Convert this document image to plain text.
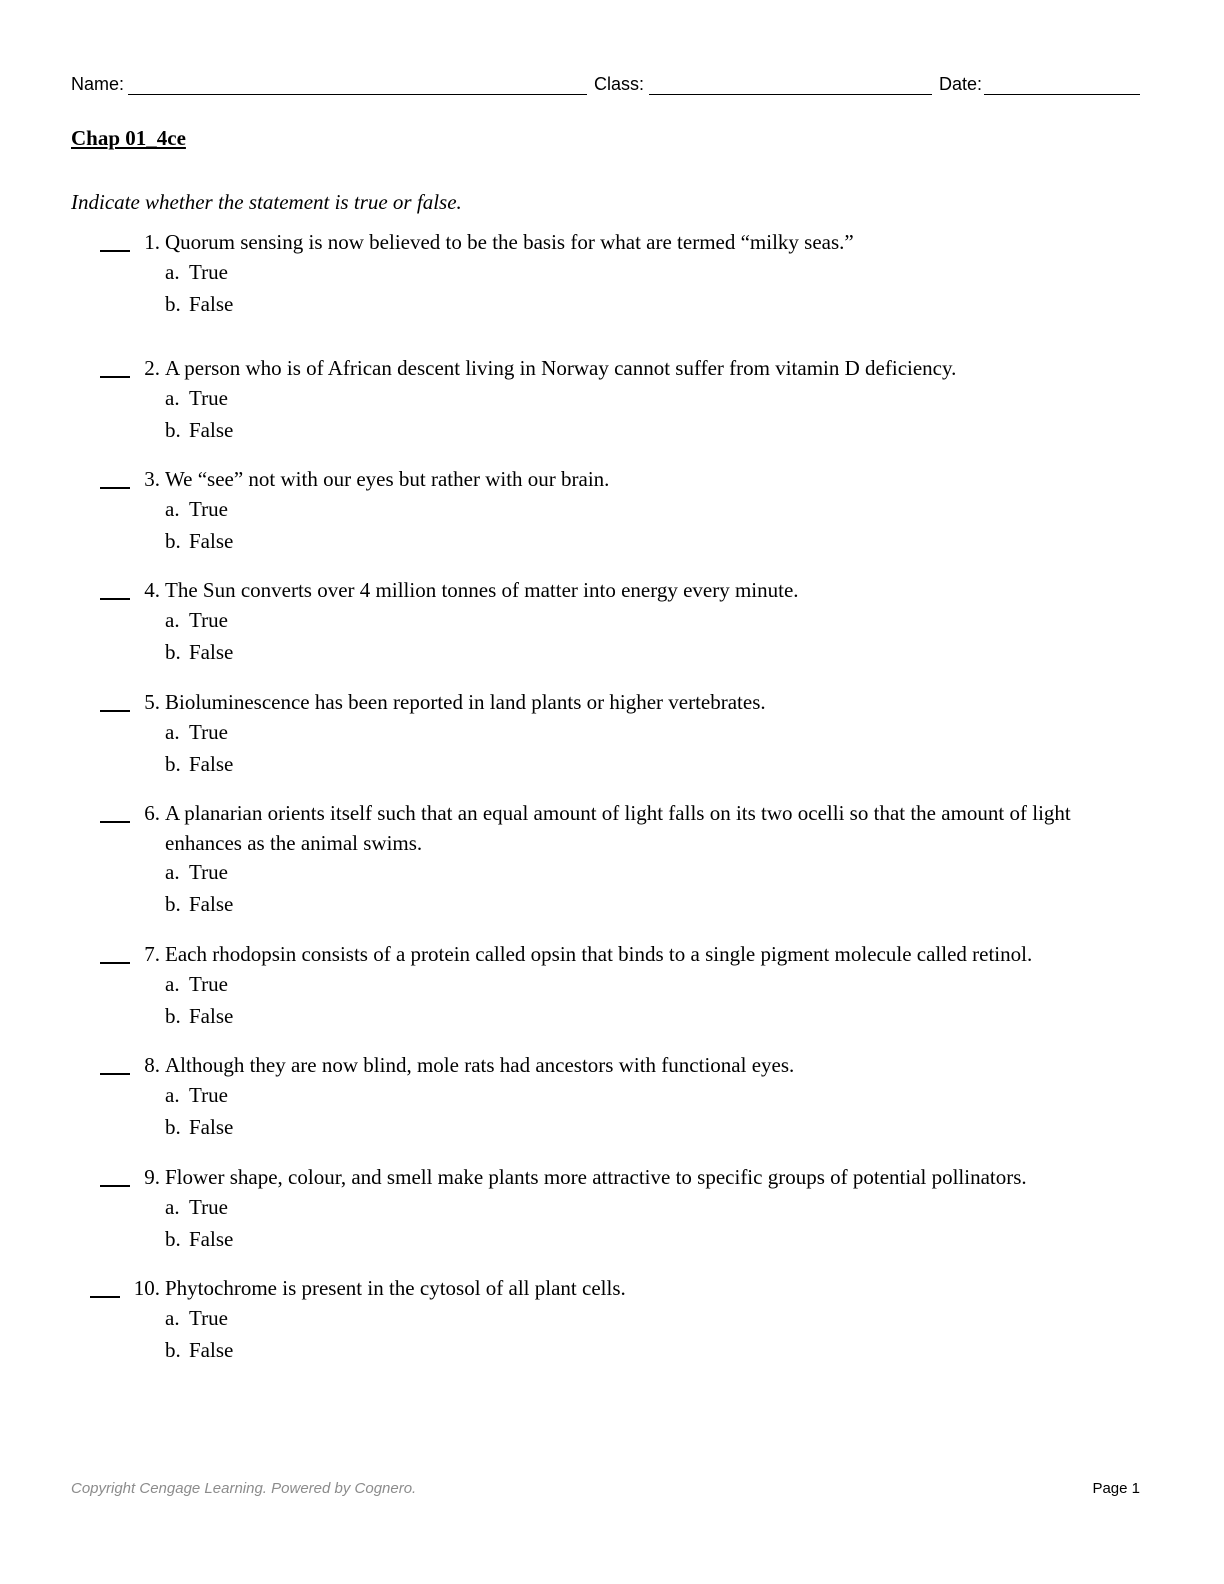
Name:	Class:	Date:
Chap 01_4ce
Indicate whether the statement is true or false.
1. Quorum sensing is now believed to be the basis for what are termed “milky seas.”
a. True
b. False
2. A person who is of African descent living in Norway cannot suffer from vitamin D deficiency.
a. True
b. False
3. We “see” not with our eyes but rather with our brain.
a. True
b. False
4. The Sun converts over 4 million tonnes of matter into energy every minute.
a. True
b. False
5. Bioluminescence has been reported in land plants or higher vertebrates.
a. True
b. False
6. A planarian orients itself such that an equal amount of light falls on its two ocelli so that the amount of light enhances as the animal swims.
a. True
b. False
7. Each rhodopsin consists of a protein called opsin that binds to a single pigment molecule called retinol.
a. True
b. False
8. Although they are now blind, mole rats had ancestors with functional eyes.
a. True
b. False
9. Flower shape, colour, and smell make plants more attractive to specific groups of potential pollinators.
a. True
b. False
10. Phytochrome is present in the cytosol of all plant cells.
a. True
b. False
Copyright Cengage Learning. Powered by Cognero.	Page 1
